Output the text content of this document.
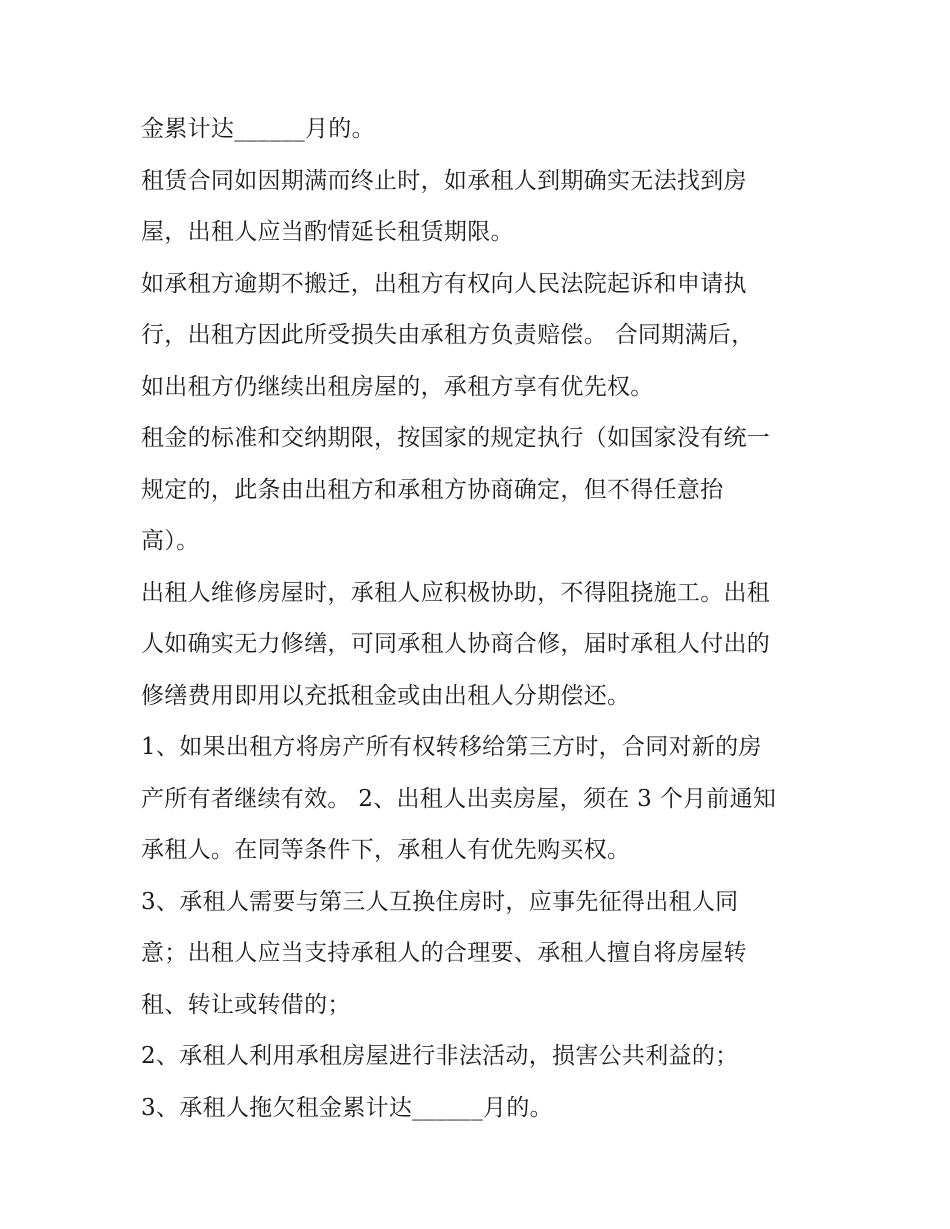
金累计达______月的。

租赁合同如因期满而终止时，如承租人到期确实无法找到房
屋，出租人应当酌情延长租赁期限。

如承租方逾期不搬迁，出租方有权向人民法院起诉和申请执
行，出租方因此所受损失由承租方负责赔偿。 合同期满后，
如出租方仍继续出租房屋的，承租方享有优先权。

租金的标准和交纳期限，按国家的规定执行（如国家没有统一
规定的，此条由出租方和承租方协商确定，但不得任意抬
高）。

出租人维修房屋时，承租人应积极协助，不得阻挠施工。出租
人如确实无力修缮，可同承租人协商合修，届时承租人付出的
修缮费用即用以充抵租金或由出租人分期偿还。

1、如果出租方将房产所有权转移给第三方时，合同对新的房
产所有者继续有效。 2、出租人出卖房屋，须在 3 个月前通知
承租人。在同等条件下，承租人有优先购买权。

3、承租人需要与第三人互换住房时，应事先征得出租人同
意；出租人应当支持承租人的合理要、承租人擅自将房屋转
租、转让或转借的；

2、承租人利用承租房屋进行非法活动，损害公共利益的；

3、承租人拖欠租金累计达______月的。
